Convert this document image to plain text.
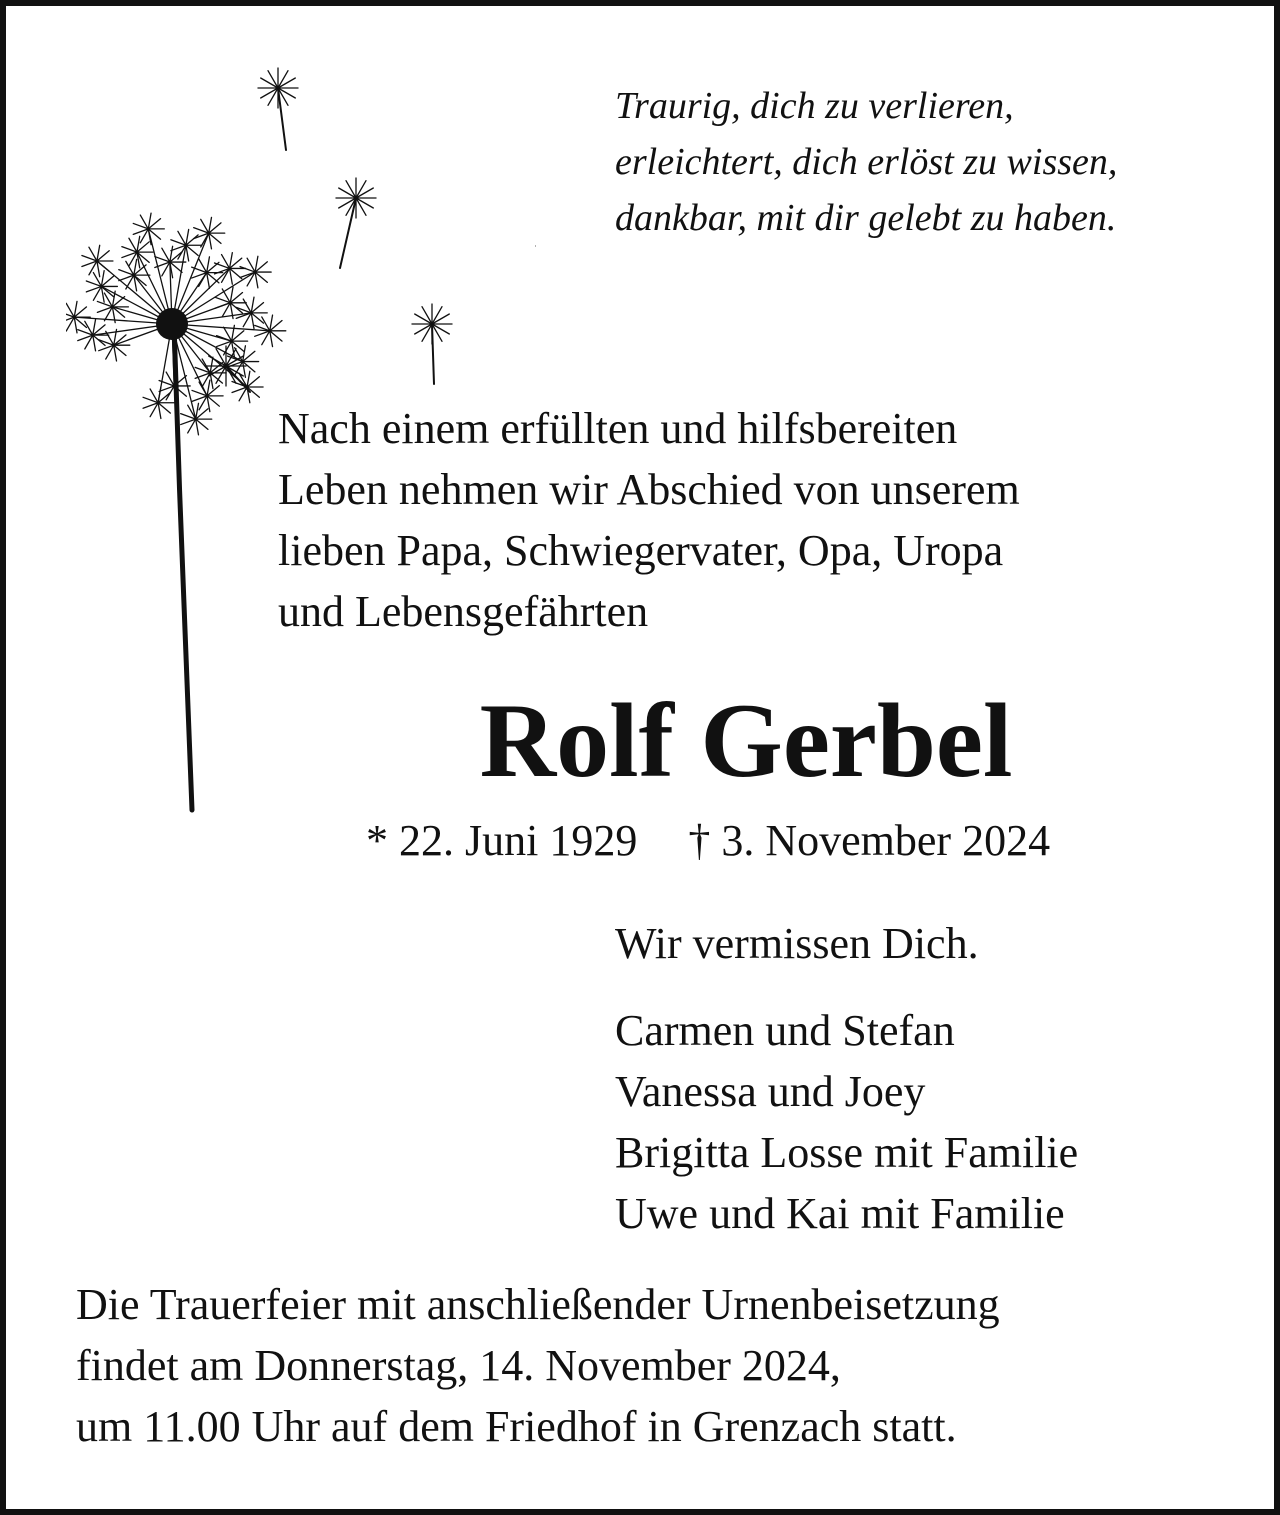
Traurig, dich zu verlieren,
erleichtert, dich erlöst zu wissen,
dankbar, mit dir gelebt zu haben.
Nach einem erfüllten und hilfsbereiten
Leben nehmen wir Abschied von unserem
lieben Papa, Schwiegervater, Opa, Uropa
und Lebensgefährten
Rolf Gerbel
* 22. Juni 1929 † 3. November 2024
Wir vermissen Dich.
Carmen und Stefan
Vanessa und Joey
Brigitta Losse mit Familie
Uwe und Kai mit Familie
Die Trauerfeier mit anschließender Urnenbeisetzung
findet am Donnerstag, 14. November 2024,
um 11.00 Uhr auf dem Friedhof in Grenzach statt.
